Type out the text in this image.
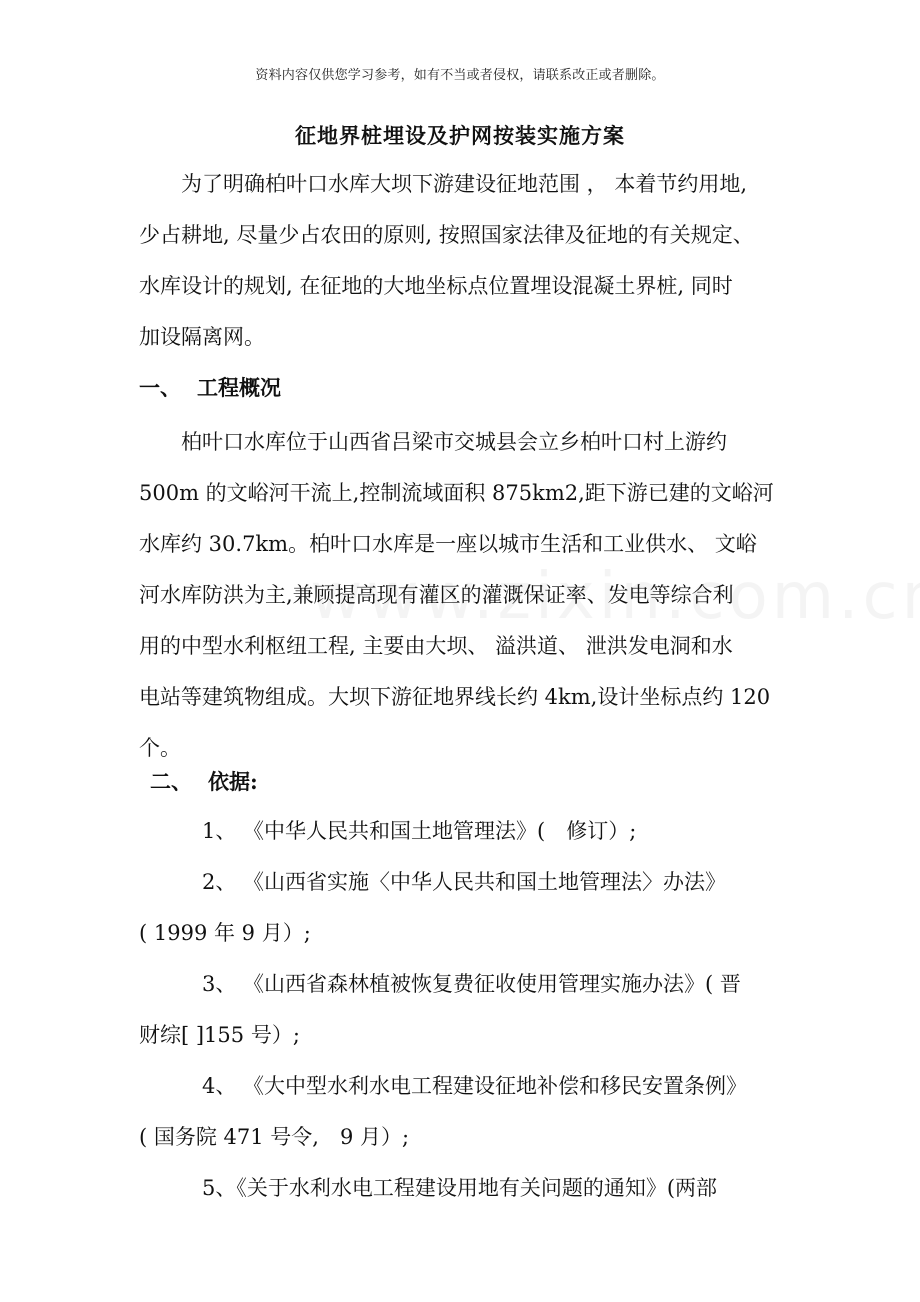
资料内容仅供您学习参考，如有不当或者侵权，请联系改正或者删除。
征地界桩埋设及护网按装实施方案
　　为了明确柏叶口水库大坝下游建设征地范围 ， 本着节约用地,
少占耕地, 尽量少占农田的原则, 按照国家法律及征地的有关规定、
水库设计的规划, 在征地的大地坐标点位置埋设混凝土界桩, 同时
加设隔离网。
一、 工程概况
　　柏叶口水库位于山西省吕梁市交城县会立乡柏叶口村上游约
500m 的文峪河干流上,控制流域面积 875km2,距下游已建的文峪河
水库约 30.7km。柏叶口水库是一座以城市生活和工业供水、 文峪
河水库防洪为主,兼顾提高现有灌区的灌溉保证率、发电等综合利
用的中型水利枢纽工程, 主要由大坝、 溢洪道、 泄洪发电洞和水
电站等建筑物组成。大坝下游征地界线长约 4km,设计坐标点约 120
个。
二、 依据:
　　　1、 《中华人民共和国土地管理法》(　修订）;
　　　2、 《山西省实施〈中华人民共和国土地管理法〉办法》
( 1999 年 9 月）;
　　　3、 《山西省森林植被恢复费征收使用管理实施办法》( 晋
财综[ ]155 号）;
　　　4、 《大中型水利水电工程建设征地补偿和移民安置条例》
( 国务院 471 号令,　9 月）;
　　　5、《关于水利水电工程建设用地有关问题的通知》(两部
